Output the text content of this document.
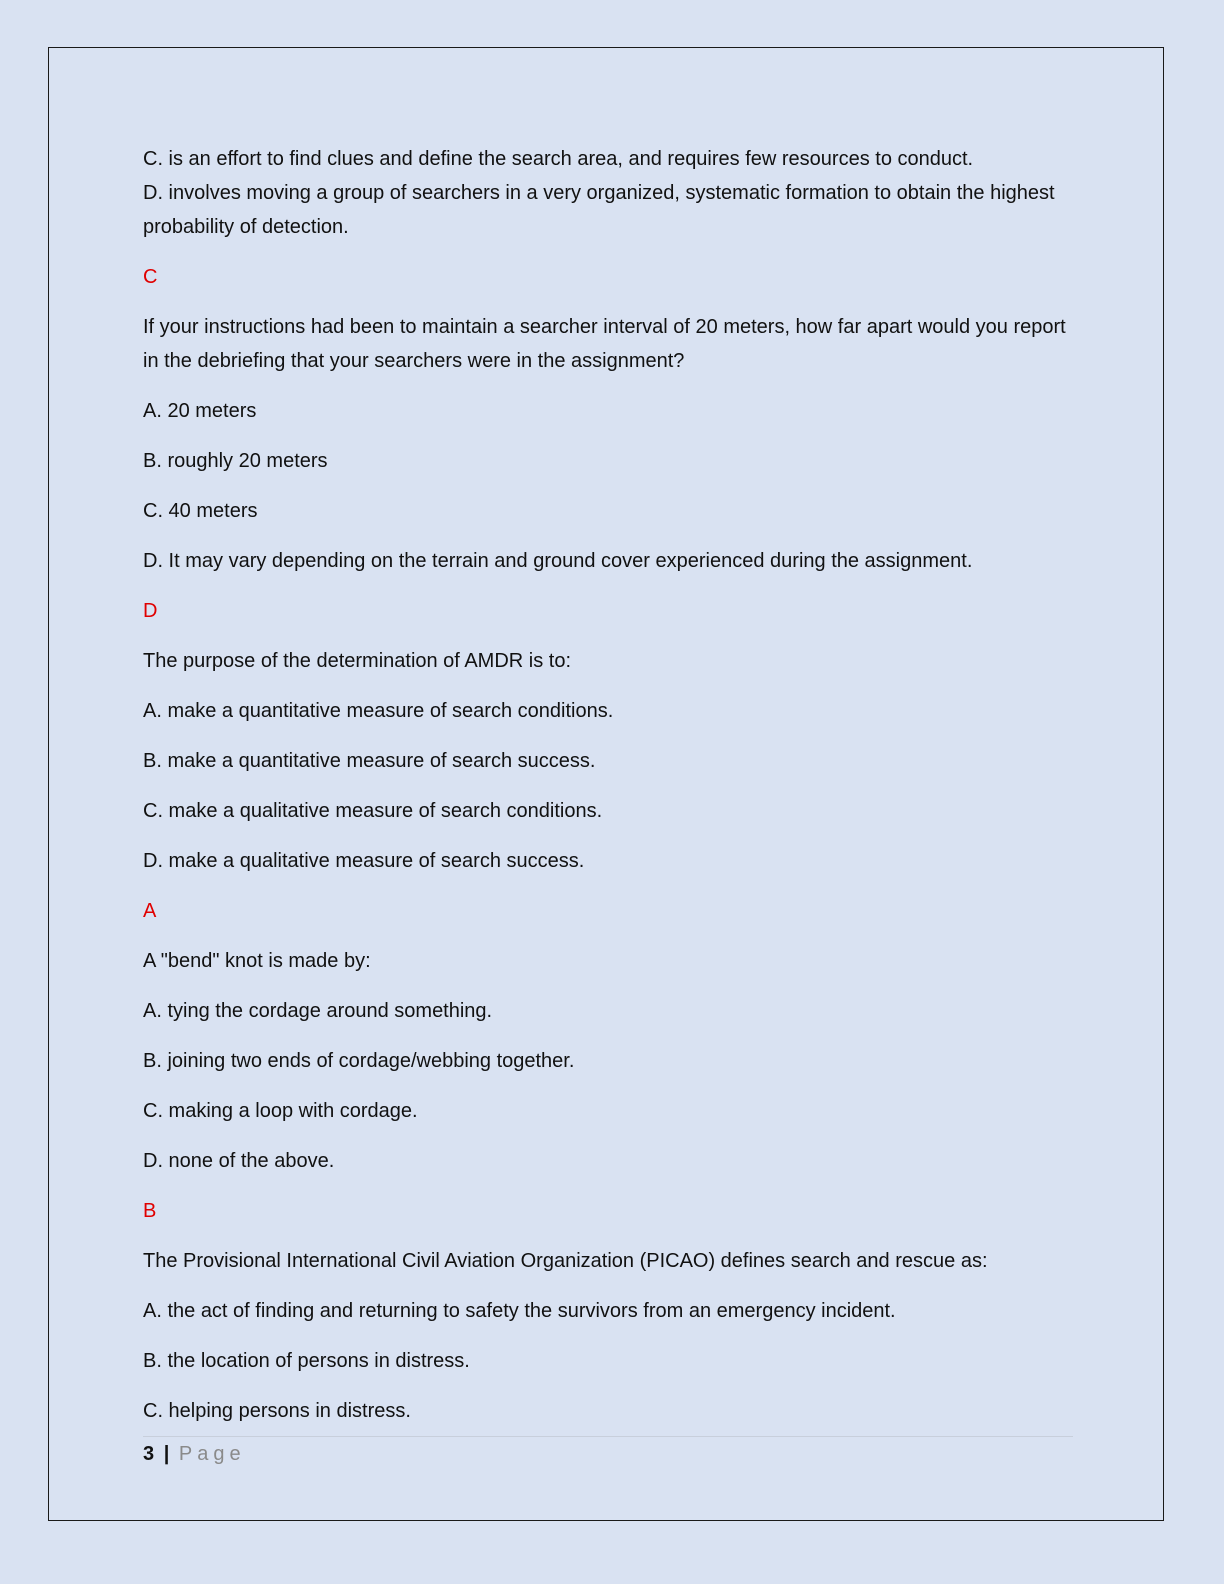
C. is an effort to find clues and define the search area, and requires few resources to conduct.

D. involves moving a group of searchers in a very organized, systematic formation to obtain the highest probability of detection.

C

If your instructions had been to maintain a searcher interval of 20 meters, how far apart would you report in the debriefing that your searchers were in the assignment?

A. 20 meters

B. roughly 20 meters

C. 40 meters

D. It may vary depending on the terrain and ground cover experienced during the assignment.

D

The purpose of the determination of AMDR is to:

A. make a quantitative measure of search conditions.

B. make a quantitative measure of search success.

C. make a qualitative measure of search conditions.

D. make a qualitative measure of search success.

A

A "bend" knot is made by:

A. tying the cordage around something.

B. joining two ends of cordage/webbing together.

C. making a loop with cordage.

D. none of the above.

B

The Provisional International Civil Aviation Organization (PICAO) defines search and rescue as:

A. the act of finding and returning to safety the survivors from an emergency incident.

B. the location of persons in distress.

C. helping persons in distress.

3 | Page
